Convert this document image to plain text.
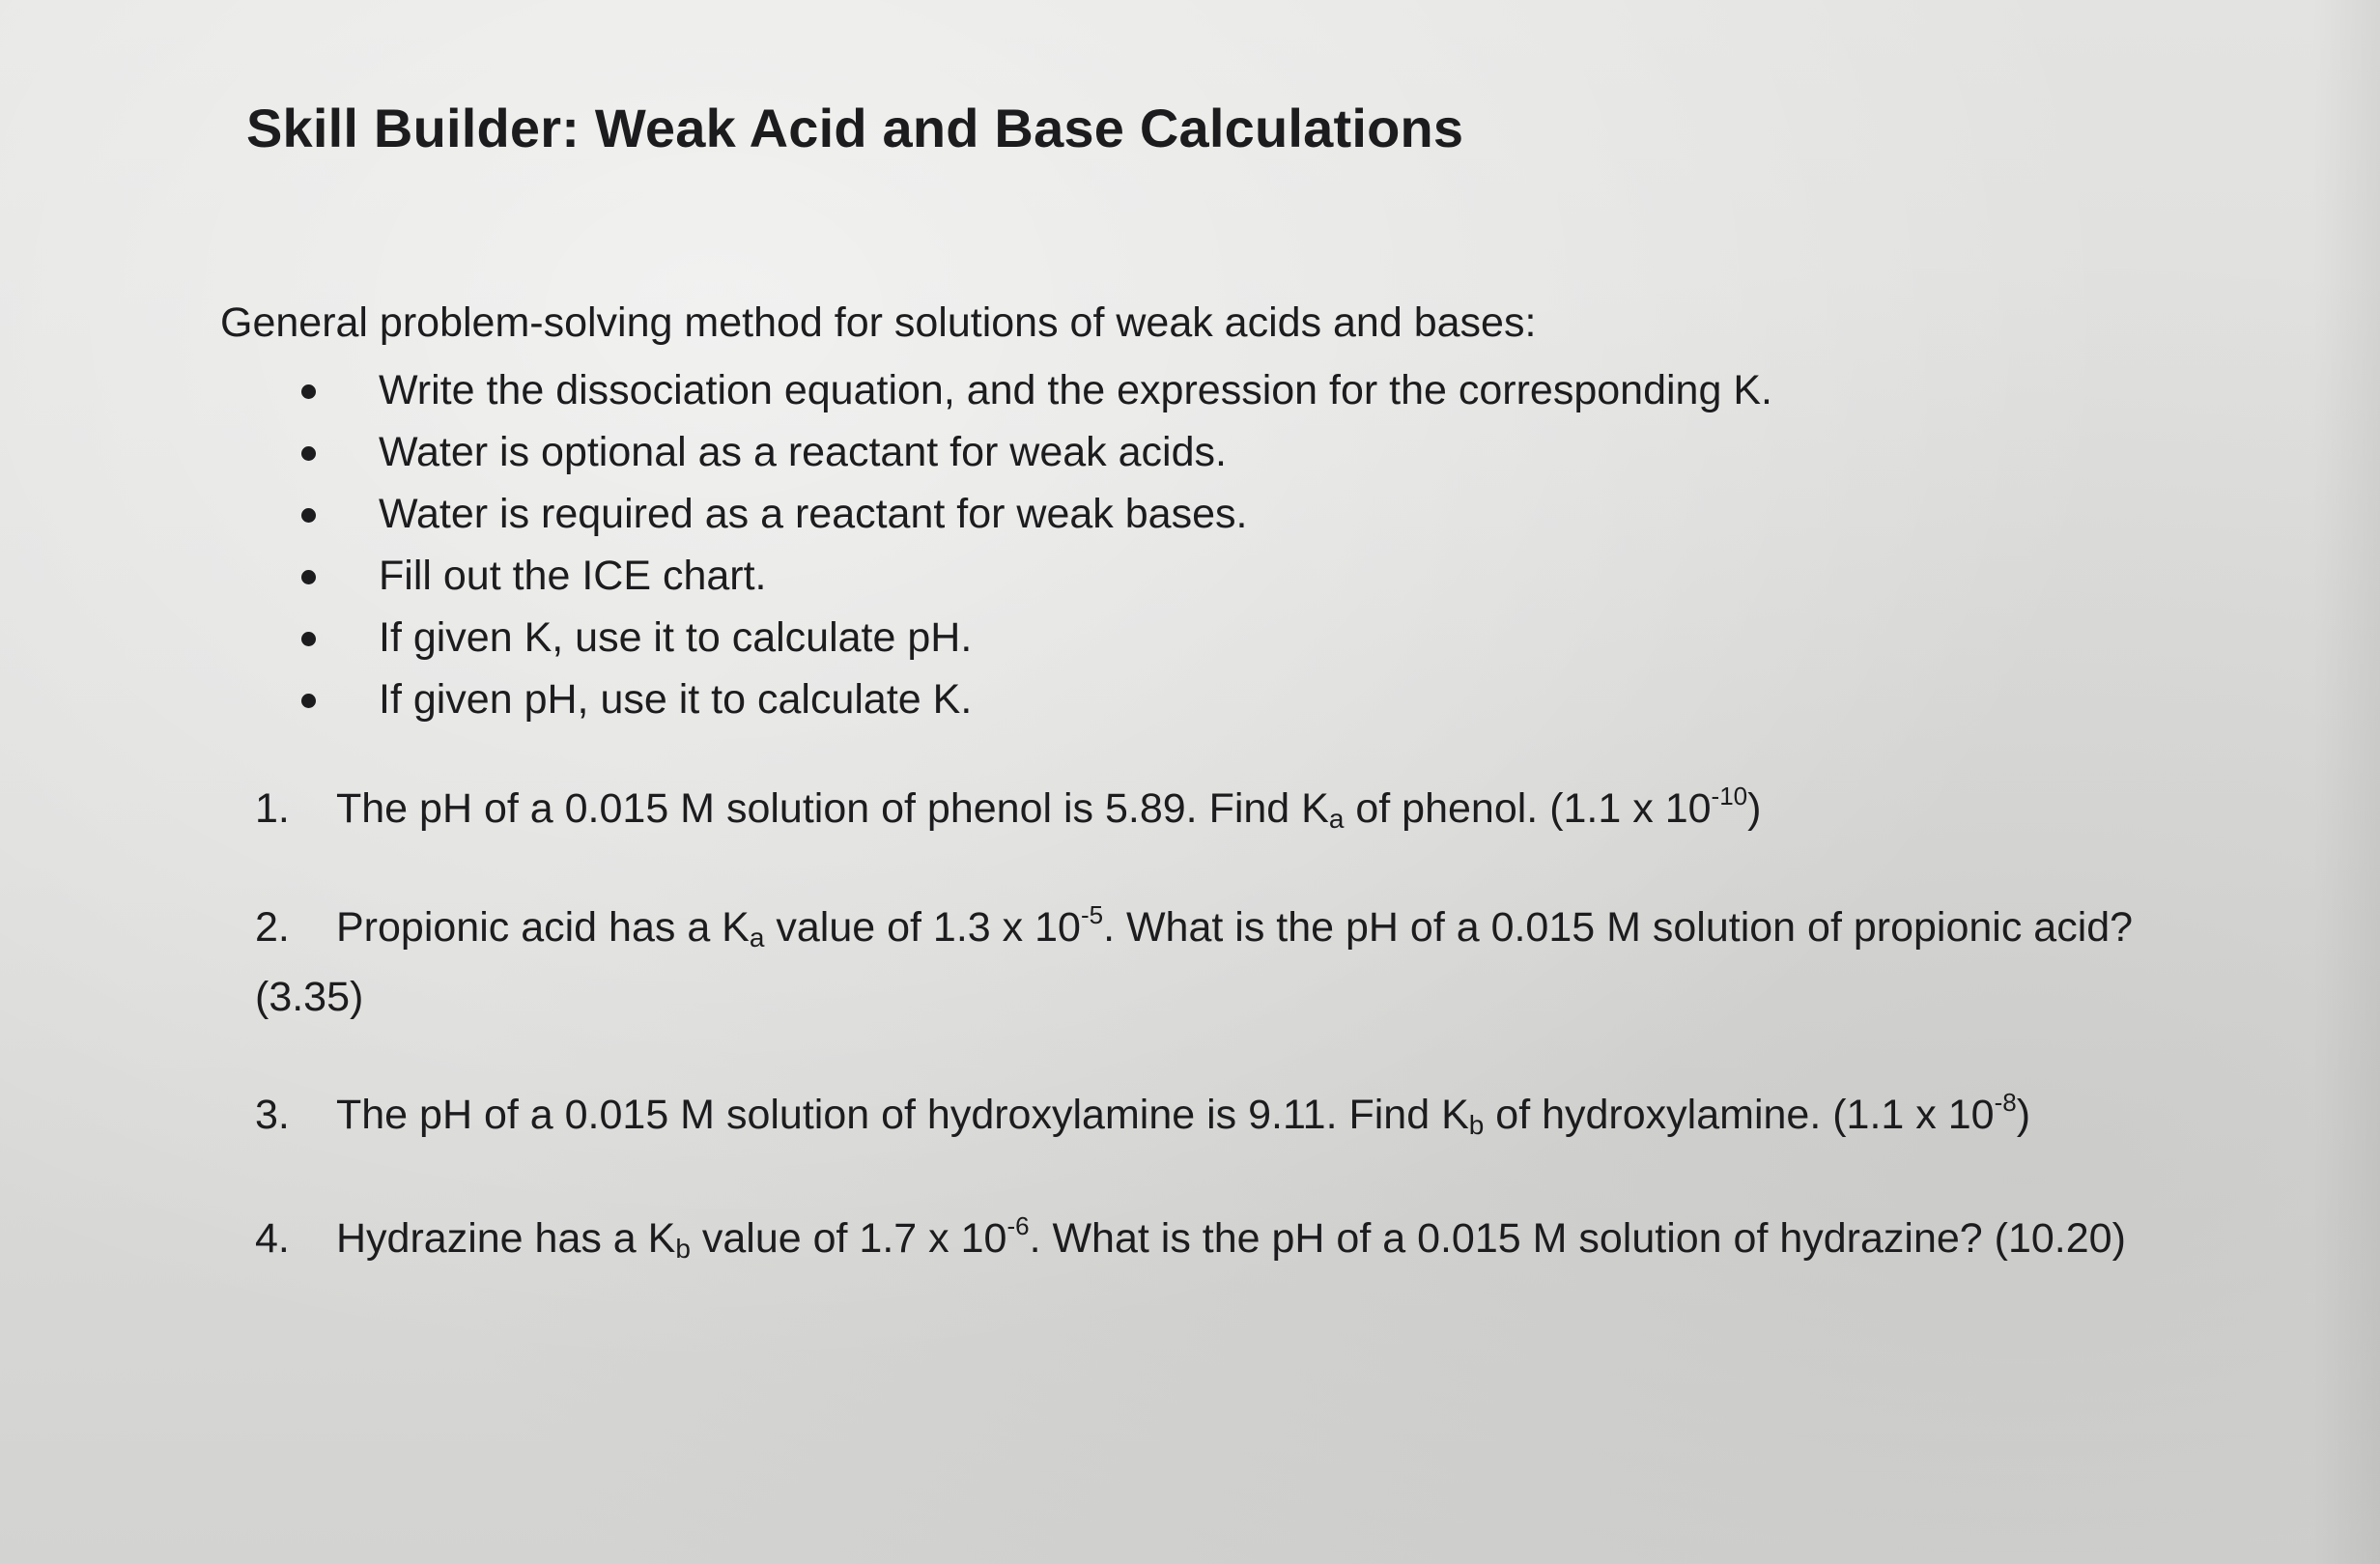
Skill Builder: Weak Acid and Base Calculations
General problem-solving method for solutions of weak acids and bases:
Write the dissociation equation, and the expression for the corresponding K.
Water is optional as a reactant for weak acids.
Water is required as a reactant for weak bases.
Fill out the ICE chart.
If given K, use it to calculate pH.
If given pH, use it to calculate K.
1. The pH of a 0.015 M solution of phenol is 5.89. Find $K_a$ of phenol. (1.1 x $10^{-10}$)
2. Propionic acid has a $K_a$ value of 1.3 x $10^{-5}$. What is the pH of a 0.015 M solution of propionic acid?
(3.35)
3. The pH of a 0.015 M solution of hydroxylamine is 9.11. Find $K_b$ of hydroxylamine. (1.1 x $10^{-8}$)
4. Hydrazine has a $K_b$ value of 1.7 x $10^{-6}$. What is the pH of a 0.015 M solution of hydrazine? (10.20)
